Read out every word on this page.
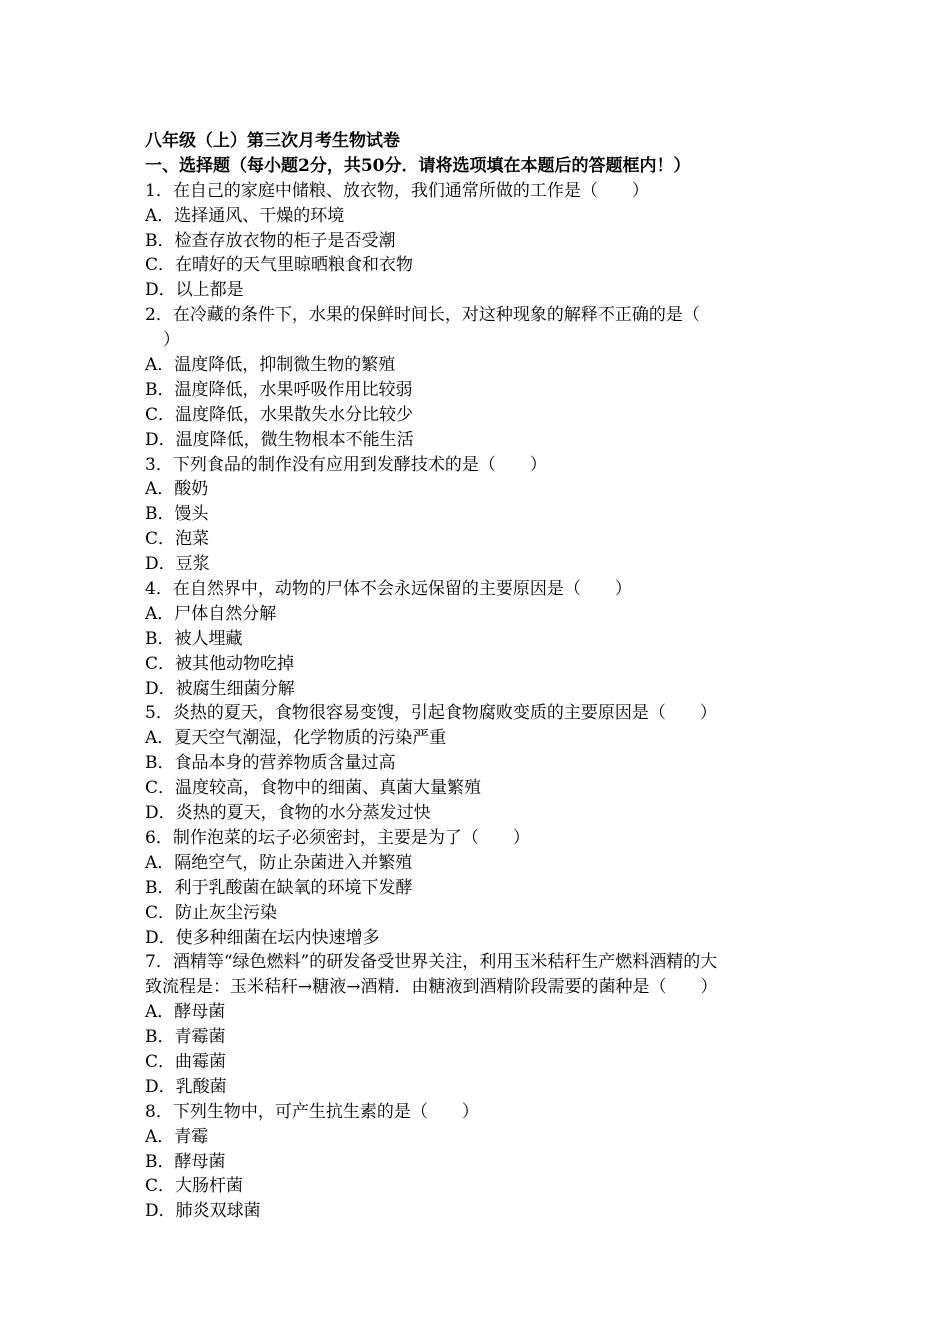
八年级（上）第三次月考生物试卷
一、选择题（每小题2分，共50分．请将选项填在本题后的答题框内！）
1．在自己的家庭中储粮、放衣物，我们通常所做的工作是（　　）
A．选择通风、干燥的环境
B．检查存放衣物的柜子是否受潮
C．在晴好的天气里晾晒粮食和衣物
D．以上都是
2．在冷藏的条件下，水果的保鲜时间长，对这种现象的解释不正确的是（
）
A．温度降低，抑制微生物的繁殖
B．温度降低，水果呼吸作用比较弱
C．温度降低，水果散失水分比较少
D．温度降低，微生物根本不能生活
3．下列食品的制作没有应用到发酵技术的是（　　）
A．酸奶
B．馒头
C．泡菜
D．豆浆
4．在自然界中，动物的尸体不会永远保留的主要原因是（　　）
A．尸体自然分解
B．被人埋藏
C．被其他动物吃掉
D．被腐生细菌分解
5．炎热的夏天，食物很容易变馊，引起食物腐败变质的主要原因是（　　）
A．夏天空气潮湿，化学物质的污染严重
B．食品本身的营养物质含量过高
C．温度较高，食物中的细菌、真菌大量繁殖
D．炎热的夏天，食物的水分蒸发过快
6．制作泡菜的坛子必须密封，主要是为了（　　）
A．隔绝空气，防止杂菌进入并繁殖
B．利于乳酸菌在缺氧的环境下发酵
C．防止灰尘污染
D．使多种细菌在坛内快速增多
7．酒精等“绿色燃料”的研发备受世界关注，利用玉米秸秆生产燃料酒精的大
致流程是：玉米秸秆→糖液→酒精．由糖液到酒精阶段需要的菌种是（　　）
A．酵母菌
B．青霉菌
C．曲霉菌
D．乳酸菌
8．下列生物中，可产生抗生素的是（　　）
A．青霉
B．酵母菌
C．大肠杆菌
D．肺炎双球菌
